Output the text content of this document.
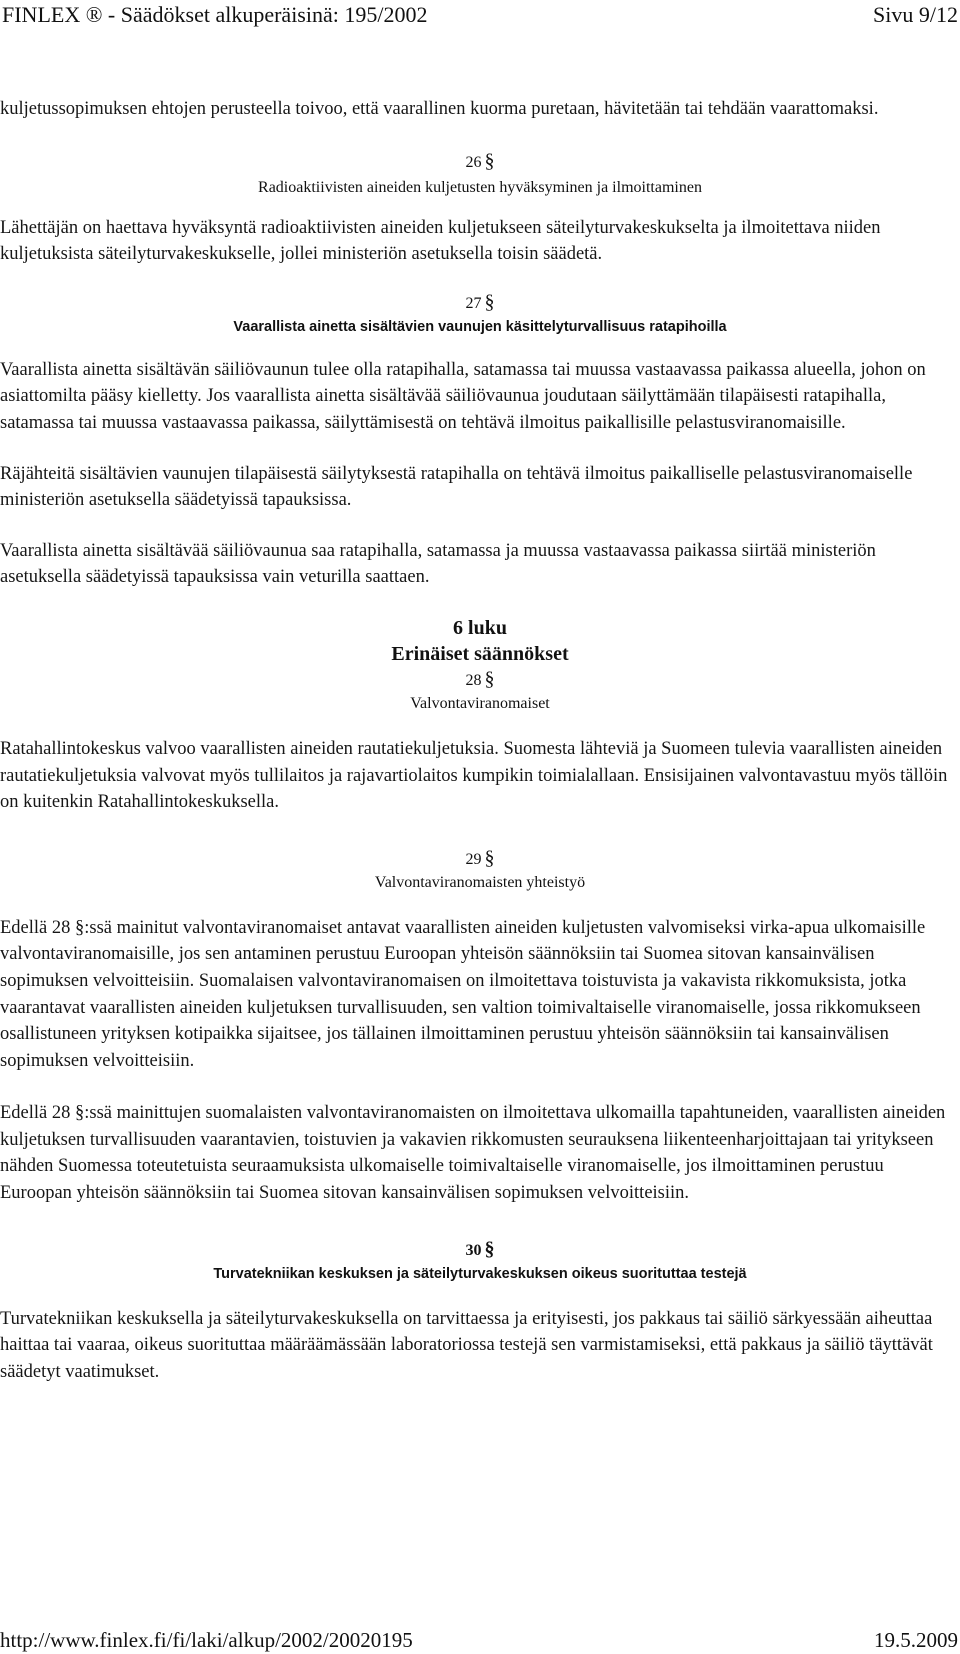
FINLEX ® - Säädökset alkuperäisinä: 195/2002	Sivu 9/12

kuljetussopimuksen ehtojen perusteella toivoo, että vaarallinen kuorma puretaan, hävitetään tai tehdään vaarattomaksi.

26 §

Radioaktiivisten aineiden kuljetusten hyväksyminen ja ilmoittaminen

Lähettäjän on haettava hyväksyntä radioaktiivisten aineiden kuljetukseen säteilyturvakeskukselta ja ilmoitettava niiden kuljetuksista säteilyturvakeskukselle, jollei ministeriön asetuksella toisin säädetä.

27 §

Vaarallista ainetta sisältävien vaunujen käsittelyturvallisuus ratapihoilla

Vaarallista ainetta sisältävän säiliövaunun tulee olla ratapihalla, satamassa tai muussa vastaavassa paikassa alueella, johon on asiattomilta pääsy kielletty. Jos vaarallista ainetta sisältävää säiliövaunua joudutaan säilyttämään tilapäisesti ratapihalla, satamassa tai muussa vastaavassa paikassa, säilyttämisestä on tehtävä ilmoitus paikallisille pelastusviranomaisille.

Räjähteitä sisältävien vaunujen tilapäisestä säilytyksestä ratapihalla on tehtävä ilmoitus paikalliselle pelastusviranomaiselle ministeriön asetuksella säädetyissä tapauksissa.

Vaarallista ainetta sisältävää säiliövaunua saa ratapihalla, satamassa ja muussa vastaavassa paikassa siirtää ministeriön asetuksella säädetyissä tapauksissa vain veturilla saattaen.

6 luku

Erinäiset säännökset

28 §

Valvontaviranomaiset

Ratahallintokeskus valvoo vaarallisten aineiden rautatiekuljetuksia. Suomesta lähteviä ja Suomeen tulevia vaarallisten aineiden rautatiekuljetuksia valvovat myös tullilaitos ja rajavartiolaitos kumpikin toimialallaan. Ensisijainen valvontavastuu myös tällöin on kuitenkin Ratahallintokeskuksella.

29 §

Valvontaviranomaisten yhteistyö

Edellä 28 §:ssä mainitut valvontaviranomaiset antavat vaarallisten aineiden kuljetusten valvomiseksi virka-apua ulkomaisille valvontaviranomaisille, jos sen antaminen perustuu Euroopan yhteisön säännöksiin tai Suomea sitovan kansainvälisen sopimuksen velvoitteisiin. Suomalaisen valvontaviranomaisen on ilmoitettava toistuvista ja vakavista rikkomuksista, jotka vaarantavat vaarallisten aineiden kuljetuksen turvallisuuden, sen valtion toimivaltaiselle viranomaiselle, jossa rikkomukseen osallistuneen yrityksen kotipaikka sijaitsee, jos tällainen ilmoittaminen perustuu yhteisön säännöksiin tai kansainvälisen sopimuksen velvoitteisiin.

Edellä 28 §:ssä mainittujen suomalaisten valvontaviranomaisten on ilmoitettava ulkomailla tapahtuneiden, vaarallisten aineiden kuljetuksen turvallisuuden vaarantavien, toistuvien ja vakavien rikkomusten seurauksena liikenteenharjoittajaan tai yritykseen nähden Suomessa toteutetuista seuraamuksista ulkomaiselle toimivaltaiselle viranomaiselle, jos ilmoittaminen perustuu Euroopan yhteisön säännöksiin tai Suomea sitovan kansainvälisen sopimuksen velvoitteisiin.

30 §

Turvatekniikan keskuksen ja säteilyturvakeskuksen oikeus suorituttaa testejä

Turvatekniikan keskuksella ja säteilyturvakeskuksella on tarvittaessa ja erityisesti, jos pakkaus tai säiliö särkyessään aiheuttaa haittaa tai vaaraa, oikeus suorituttaa määräämässään laboratoriossa testejä sen varmistamiseksi, että pakkaus ja säiliö täyttävät säädetyt vaatimukset.

http://www.finlex.fi/fi/laki/alkup/2002/20020195	19.5.2009
